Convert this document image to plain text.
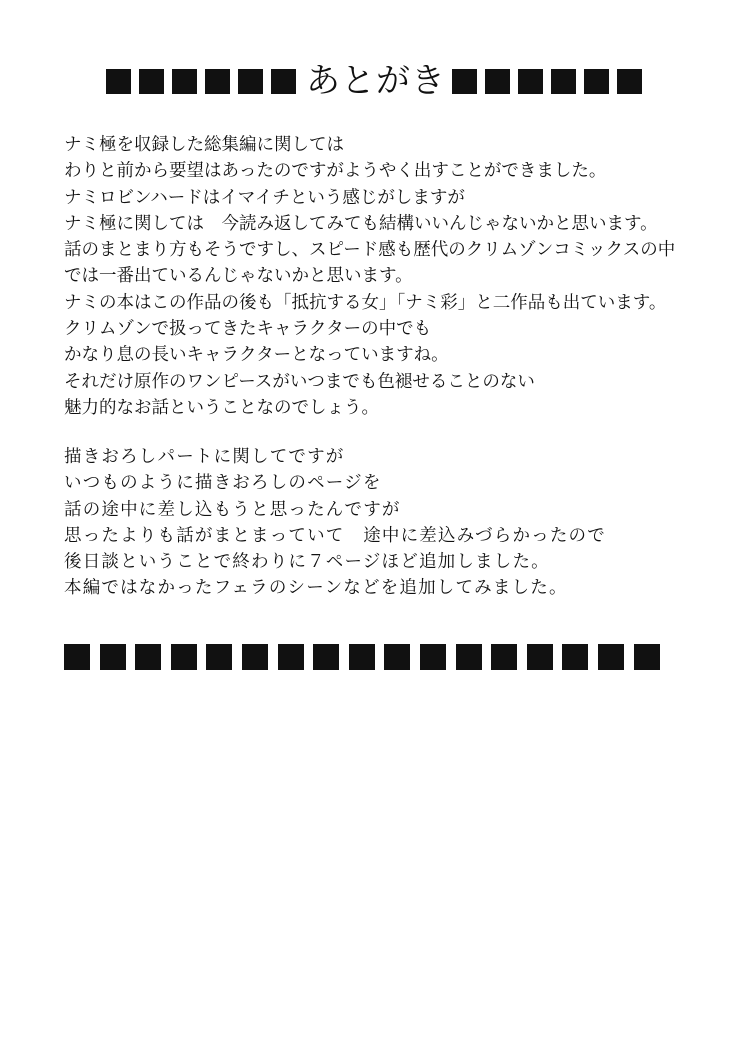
あとがき
ナミ極を収録した総集編に関しては
わりと前から要望はあったのですがようやく出すことができました。
ナミロビンハードはイマイチという感じがしますが
ナミ極に関しては　今読み返してみても結構いいんじゃないかと思います。
話のまとまり方もそうですし、スピード感も歴代のクリムゾンコミックスの中
では一番出ているんじゃないかと思います。
ナミの本はこの作品の後も「抵抗する女」「ナミ彩」と二作品も出ています。
クリムゾンで扱ってきたキャラクターの中でも
かなり息の長いキャラクターとなっていますね。
それだけ原作のワンピースがいつまでも色褪せることのない
魅力的なお話ということなのでしょう。
描きおろしパートに関してですが
いつものように描きおろしのページを
話の途中に差し込もうと思ったんですが
思ったよりも話がまとまっていて　途中に差込みづらかったので
後日談ということで終わりに７ページほど追加しました。
本編ではなかったフェラのシーンなどを追加してみました。
